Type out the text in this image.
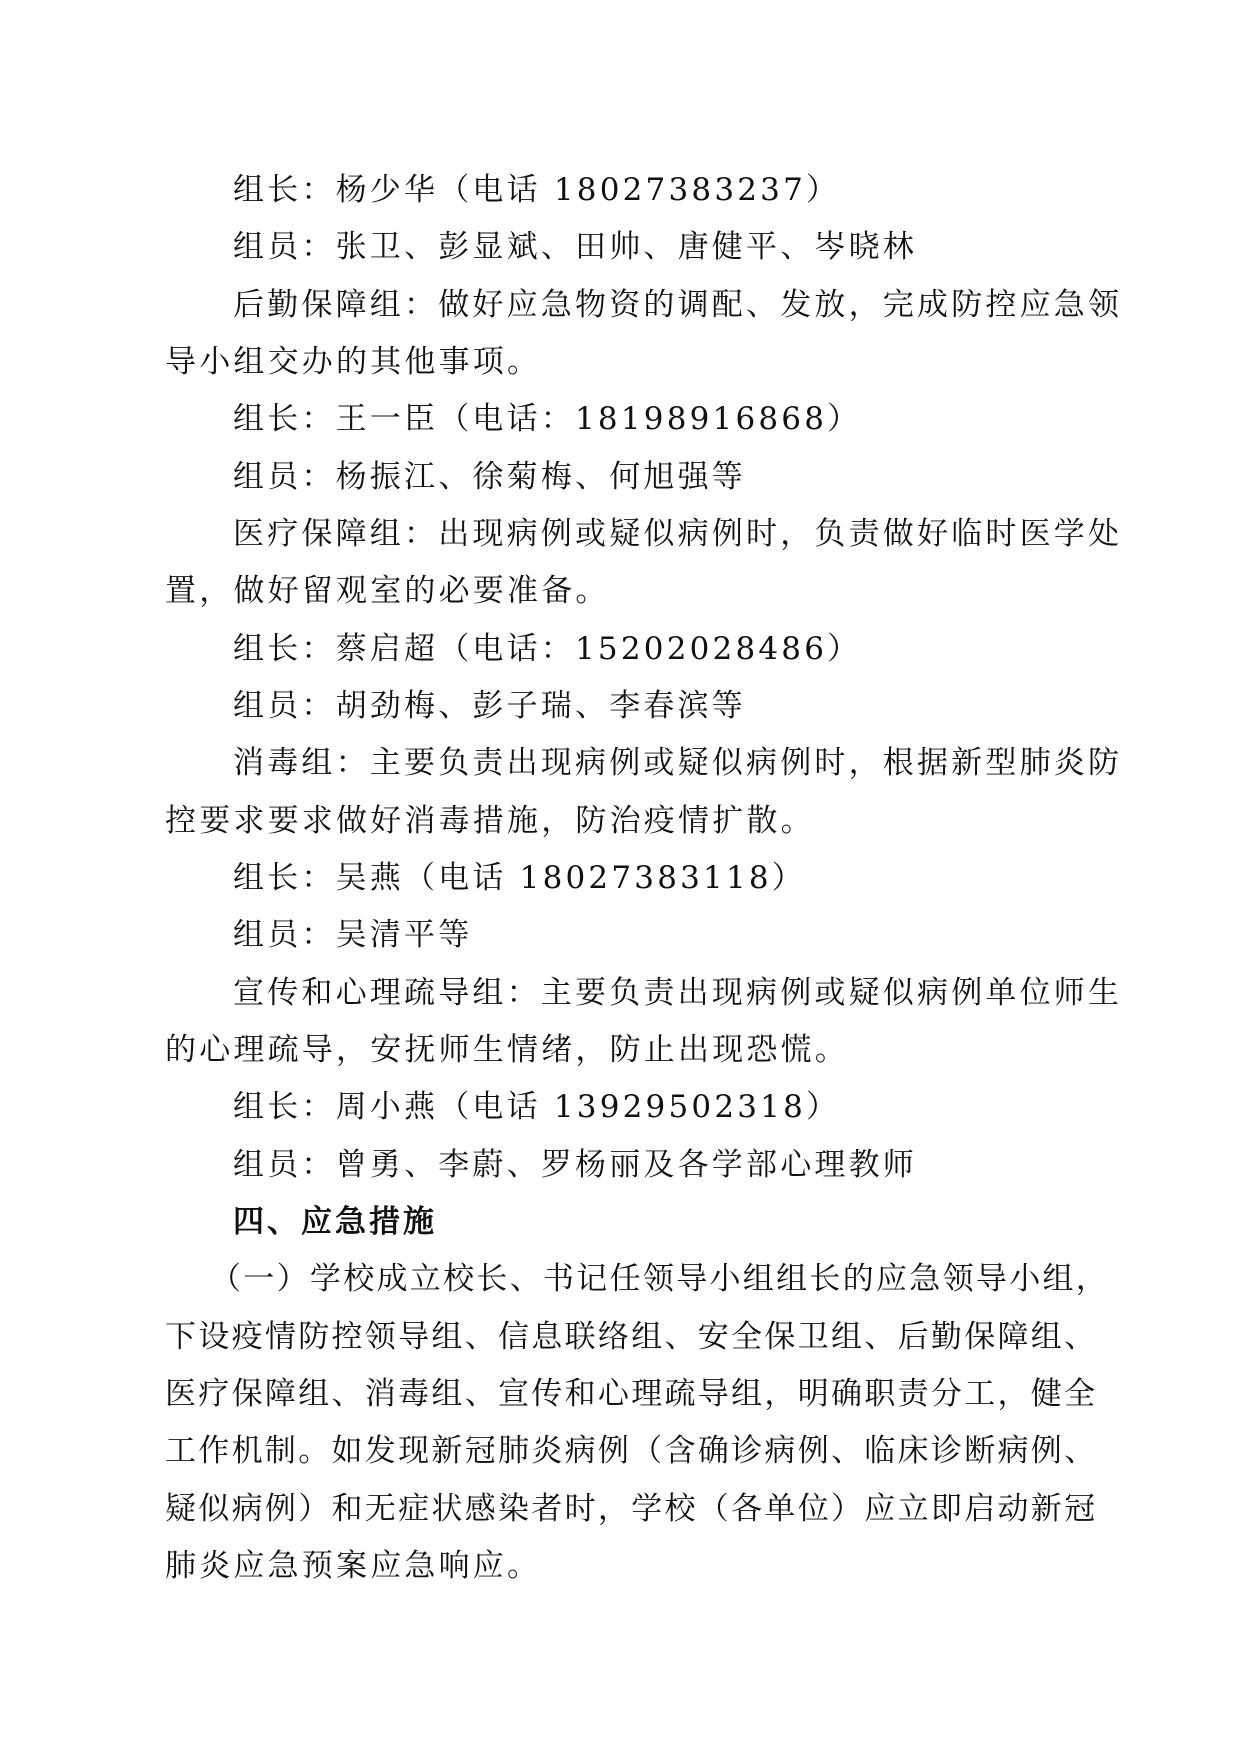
组长：杨少华（电话 18027383237）
组员：张卫、彭显斌、田帅、唐健平、岑晓林
后勤保障组：做好应急物资的调配、发放，完成防控应急领
导小组交办的其他事项。
组长：王一臣（电话：18198916868）
组员：杨振江、徐菊梅、何旭强等
医疗保障组：出现病例或疑似病例时，负责做好临时医学处
置，做好留观室的必要准备。
组长：蔡启超（电话：15202028486）
组员：胡劲梅、彭子瑞、李春滨等
消毒组：主要负责出现病例或疑似病例时，根据新型肺炎防
控要求要求做好消毒措施，防治疫情扩散。
组长：吴燕（电话 18027383118）
组员：吴清平等
宣传和心理疏导组：主要负责出现病例或疑似病例单位师生
的心理疏导，安抚师生情绪，防止出现恐慌。
组长：周小燕（电话 13929502318）
组员：曾勇、李蔚、罗杨丽及各学部心理教师
四、应急措施
（一）学校成立校长、书记任领导小组组长的应急领导小组，
下设疫情防控领导组、信息联络组、安全保卫组、后勤保障组、
医疗保障组、消毒组、宣传和心理疏导组，明确职责分工，健全
工作机制。如发现新冠肺炎病例（含确诊病例、临床诊断病例、
疑似病例）和无症状感染者时，学校（各单位）应立即启动新冠
肺炎应急预案应急响应。
